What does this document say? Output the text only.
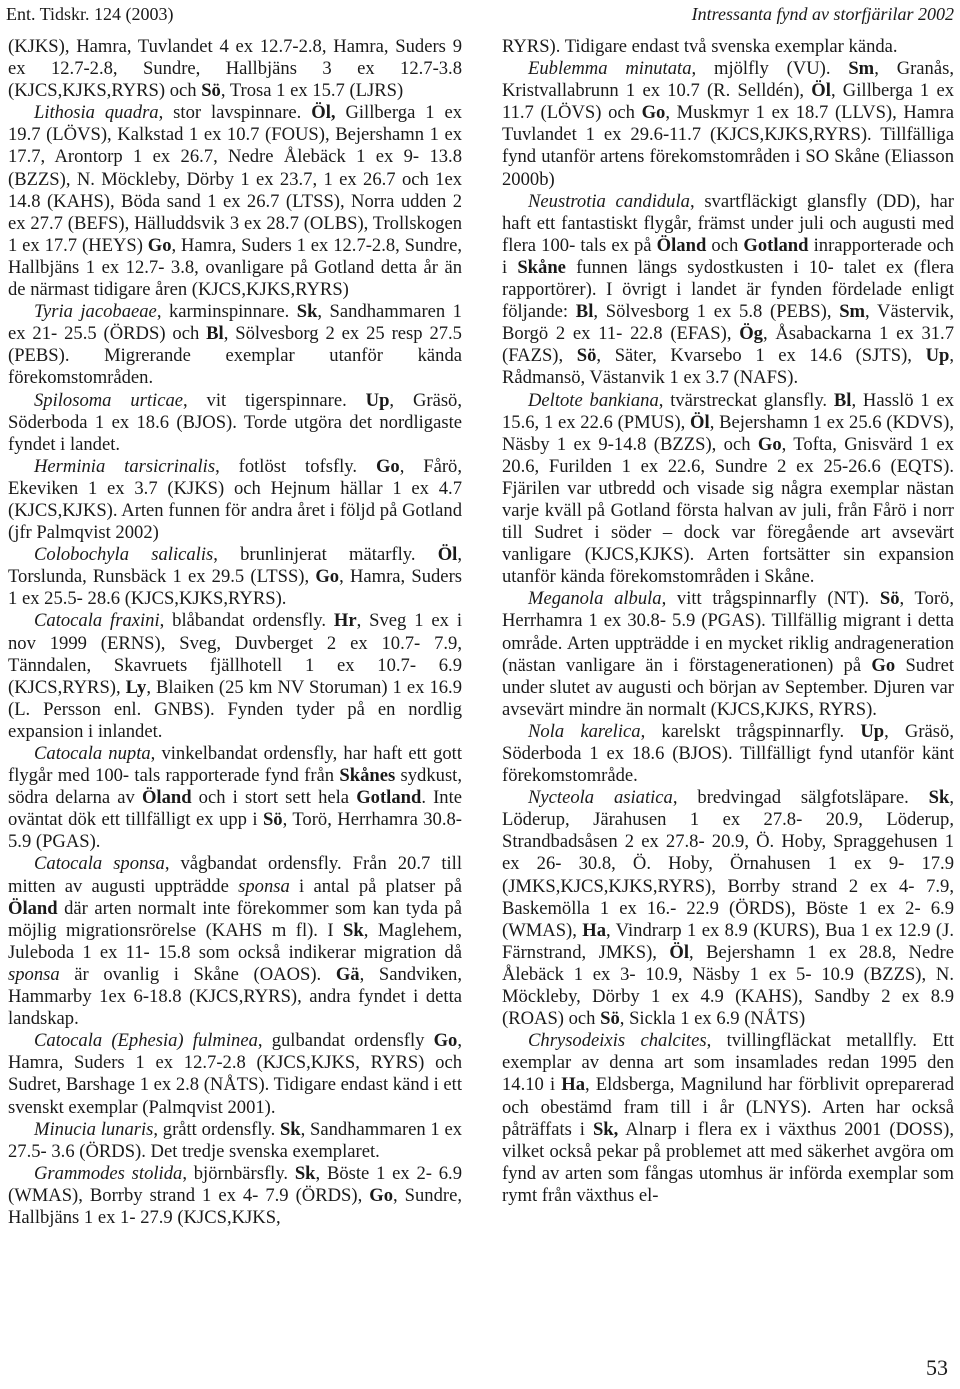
Ent. Tidskr. 124 (2003)	Intressanta fynd av storfjärilar 2002

(KJKS), Hamra, Tuvlandet 4 ex 12.7-2.8, Hamra, Suders 9 ex 12.7-2.8, Sundre, Hallbjäns 3 ex 12.7-3.8 (KJCS,KJKS,RYRS) och Sö, Trosa 1 ex 15.7 (LJRS)

Lithosia quadra, stor lavspinnare. Öl, Gillberga 1 ex 19.7 (LÖVS), Kalkstad 1 ex 10.7 (FOUS), Bejershamn 1 ex 17.7, Arontorp 1 ex 26.7, Nedre Ålebäck 1 ex 9- 13.8 (BZZS), N. Möckleby, Dörby 1 ex 23.7, 1 ex 26.7 och 1ex 14.8 (KAHS), Böda sand 1 ex 26.7 (LTSS), Norra udden 2 ex 27.7 (BEFS), Hälluddsvik 3 ex 28.7 (OLBS), Trollskogen 1 ex 17.7 (HEYS) Go, Hamra, Suders 1 ex 12.7-2.8, Sundre, Hallbjäns 1 ex 12.7- 3.8, ovanligare på Gotland detta år än de närmast tidigare åren (KJCS,KJKS,RYRS)

Tyria jacobaeae, karminspinnare. Sk, Sandhammaren 1 ex 21- 25.5 (ÖRDS) och Bl, Sölvesborg 2 ex 25 resp 27.5 (PEBS). Migrerande exemplar utanför kända förekomstområden.

Spilosoma urticae, vit tigerspinnare. Up, Gräsö, Söderboda 1 ex 18.6 (BJOS). Torde utgöra det nordligaste fyndet i landet.

Herminia tarsicrinalis, fotlöst tofsfly. Go, Fårö, Ekeviken 1 ex 3.7 (KJKS) och Hejnum hällar 1 ex 4.7 (KJCS,KJKS). Arten funnen för andra året i följd på Gotland (jfr Palmqvist 2002)

Colobochyla salicalis, brunlinjerat mätarfly. Öl, Torslunda, Runsbäck 1 ex 29.5 (LTSS), Go, Hamra, Suders 1 ex 25.5- 28.6 (KJCS,KJKS,RYRS).

Catocala fraxini, blåbandat ordensfly. Hr, Sveg 1 ex i nov 1999 (ERNS), Sveg, Duvberget 2 ex 10.7- 7.9, Tänndalen, Skavruets fjällhotell 1 ex 10.7- 6.9 (KJCS,RYRS), Ly, Blaiken (25 km NV Storuman) 1 ex 16.9 (L. Persson enl. GNBS). Fynden tyder på en nordlig expansion i inlandet.

Catocala nupta, vinkelbandat ordensfly, har haft ett gott flygår med 100- tals rapporterade fynd från Skånes sydkust, södra delarna av Öland och i stort sett hela Gotland. Inte oväntat dök ett tillfälligt ex upp i Sö, Torö, Herrhamra 30.8- 5.9 (PGAS).

Catocala sponsa, vågbandat ordensfly. Från 20.7 till mitten av augusti uppträdde sponsa i antal på platser på Öland där arten normalt inte förekommer som kan tyda på möjlig migrationsrörelse (KAHS m fl). I Sk, Maglehem, Juleboda 1 ex 11- 15.8 som också indikerar migration då sponsa är ovanlig i Skåne (OAOS). Gä, Sandviken, Hammarby 1ex 6-18.8 (KJCS,RYRS), andra fyndet i detta landskap.

Catocala (Ephesia) fulminea, gulbandat ordensfly Go, Hamra, Suders 1 ex 12.7-2.8 (KJCS,KJKS, RYRS) och Sudret, Barshage 1 ex 2.8 (NÅTS). Tidigare endast känd i ett svenskt exemplar (Palmqvist 2001).

Minucia lunaris, grått ordensfly. Sk, Sandhammaren 1 ex 27.5- 3.6 (ÖRDS). Det tredje svenska exemplaret.

Grammodes stolida, björnbärsfly. Sk, Böste 1 ex 2- 6.9 (WMAS), Borrby strand 1 ex 4- 7.9 (ÖRDS), Go, Sundre, Hallbjäns 1 ex 1- 27.9 (KJCS,KJKS,

RYRS). Tidigare endast två svenska exemplar kända.

Eublemma minutata, mjölfly (VU). Sm, Granås, Kristvallabrunn 1 ex 10.7 (R. Selldén), Öl, Gillberga 1 ex 11.7 (LÖVS) och Go, Muskmyr 1 ex 18.7 (LLVS), Hamra Tuvlandet 1 ex 29.6-11.7 (KJCS,KJKS,RYRS). Tillfälliga fynd utanför artens förekomstområden i SO Skåne (Eliasson 2000b)

Neustrotia candidula, svartfläckigt glansfly (DD), har haft ett fantastiskt flygår, främst under juli och augusti med flera 100- tals ex på Öland och Gotland inrapporterade och i Skåne funnen längs sydostkusten i 10- talet ex (flera rapportörer). I övrigt i landet är fynden fördelade enligt följande: Bl, Sölvesborg 1 ex 5.8 (PEBS), Sm, Västervik, Borgö 2 ex 11- 22.8 (EFAS), Ög, Åsabackarna 1 ex 31.7 (FAZS), Sö, Säter, Kvarsebo 1 ex 14.6 (SJTS), Up, Rådmansö, Västanvik 1 ex 3.7 (NAFS).

Deltote bankiana, tvärstreckat glansfly. Bl, Hasslö 1 ex 15.6, 1 ex 22.6 (PMUS), Öl, Bejershamn 1 ex 25.6 (KDVS), Näsby 1 ex 9-14.8 (BZZS), och Go, Tofta, Gnisvärd 1 ex 20.6, Furilden 1 ex 22.6, Sundre 2 ex 25-26.6 (EQTS). Fjärilen var utbredd och visade sig några exemplar nästan varje kväll på Gotland första halvan av juli, från Fårö i norr till Sudret i söder – dock var föregående art avsevärt vanligare (KJCS,KJKS). Arten fortsätter sin expansion utanför kända förekomstområden i Skåne.

Meganola albula, vitt trågspinnarfly (NT). Sö, Torö, Herrhamra 1 ex 30.8- 5.9 (PGAS). Tillfällig migrant i detta område. Arten uppträdde i en mycket riklig andrageneration (nästan vanligare än i förstagenerationen) på Go Sudret under slutet av augusti och början av September. Djuren var avsevärt mindre än normalt (KJCS,KJKS, RYRS).

Nola karelica, karelskt trågspinnarfly. Up, Gräsö, Söderboda 1 ex 18.6 (BJOS). Tillfälligt fynd utanför känt förekomstområde.

Nycteola asiatica, bredvingad sälgfotsläpare. Sk, Löderup, Järahusen 1 ex 27.8- 20.9, Löderup, Strandbadsåsen 2 ex 27.8- 20.9, Ö. Hoby, Spraggehusen 1 ex 26- 30.8, Ö. Hoby, Örnahusen 1 ex 9- 17.9 (JMKS,KJCS,KJKS,RYRS), Borrby strand 2 ex 4- 7.9, Baskemölla 1 ex 16.- 22.9 (ÖRDS), Böste 1 ex 2- 6.9 (WMAS), Ha, Vindrarp 1 ex 8.9 (KURS), Bua 1 ex 12.9 (J. Färnstrand, JMKS), Öl, Bejershamn 1 ex 28.8, Nedre Ålebäck 1 ex 3- 10.9, Näsby 1 ex 5- 10.9 (BZZS), N. Möckleby, Dörby 1 ex 4.9 (KAHS), Sandby 2 ex 8.9 (ROAS) och Sö, Sickla 1 ex 6.9 (NÅTS)

Chrysodeixis chalcites, tvillingfläckat metallfly. Ett exemplar av denna art som insamlades redan 1995 den 14.10 i Ha, Eldsberga, Magnilund har förblivit opreparerad och obestämd fram till i år (LNYS). Arten har också påträffats i Sk, Alnarp i flera ex i växthus 2001 (DOSS), vilket också pekar på problemet att med säkerhet avgöra om fynd av arten som fångas utomhus är införda exemplar som rymt från växthus el-

53
